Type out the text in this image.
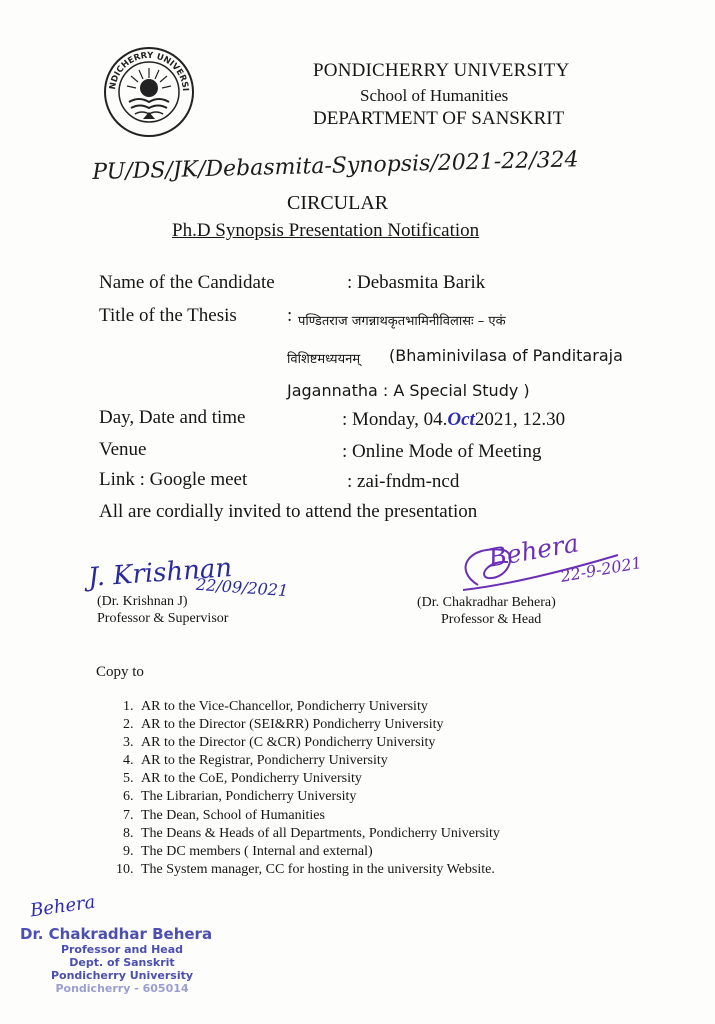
NDICHERRY UNIVERSI
PONDICHERRY UNIVERSITY
School of Humanities
DEPARTMENT OF SANSKRIT
PU/DS/JK/Debasmita-Synopsis/2021-22/324
CIRCULAR
Ph.D Synopsis Presentation Notification
Name of the Candidate	: Debasmita Barik
Title of the Thesis	: पण्डितराज जगन्नाथकृतभामिनीविलासः – एकं
विशिष्टमध्ययनम् (Bhaminivilasa of Panditaraja
Jagannatha : A Special Study )
Day, Date and time	: Monday, 04.Oct2021, 12.30
Venue	: Online Mode of Meeting
Link : Google meet	: zai-fndm-ncd
All are cordially invited to attend the presentation
J. Krishnan
22/09/2021
(Dr. Krishnan J)
Professor & Supervisor
Behera
22-9-2021
(Dr. Chakradhar Behera)
Professor & Head
Copy to
1. AR to the Vice-Chancellor, Pondicherry University
2. AR to the Director (SEI&RR) Pondicherry University
3. AR to the Director (C &CR) Pondicherry University
4. AR to the Registrar, Pondicherry University
5. AR to the CoE, Pondicherry University
6. The Librarian, Pondicherry University
7. The Dean, School of Humanities
8. The Deans & Heads of all Departments, Pondicherry University
9. The DC members ( Internal and external)
10. The System manager, CC for hosting in the university Website.
Behera
Dr. Chakradhar Behera
Professor and Head
Dept. of Sanskrit
Pondicherry University
Pondicherry - 605014
